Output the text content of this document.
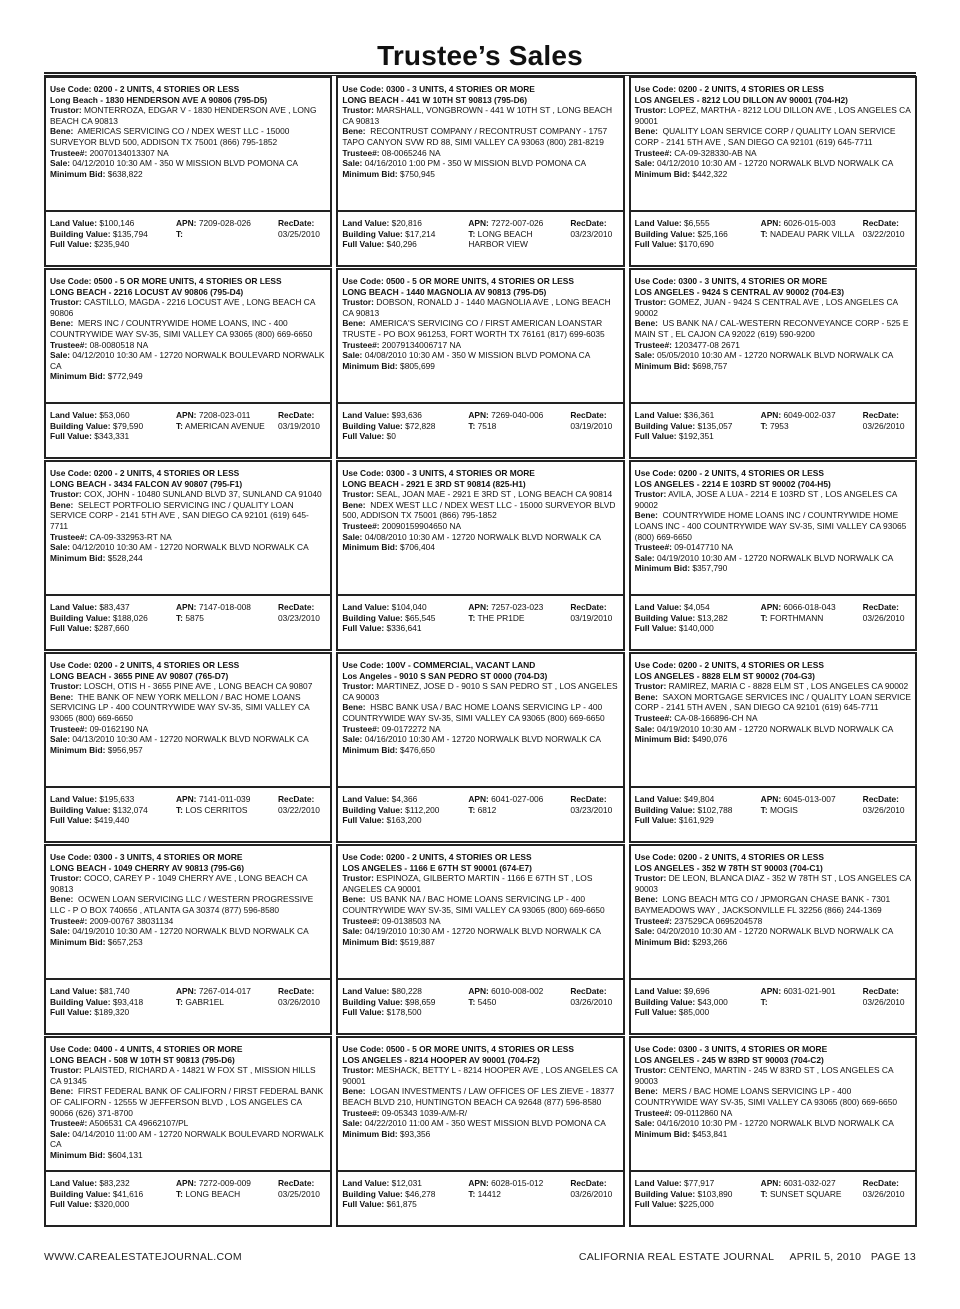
Trustee’s Sales
Use Code: 0200 - 2 UNITS, 4 STORIES OR LESS
Long Beach - 1830 HENDERSON AVE A 90806 (795-D5)
Trustor: MONTERROZA, EDGAR V - 1830 HENDERSON AVE , LONG BEACH CA 90813
Bene: AMERICAS SERVICING CO / NDEX WEST LLC - 15000 SURVEYOR BLVD 500, ADDISON TX 75001 (866) 795-1852
Trustee#: 20070134013307 NA
Sale: 04/12/2010 10:30 AM - 350 W MISSION BLVD POMONA CA
Minimum Bid: $638,822
Land Value: $100,146
Building Value: $135,794
Full Value: $235,940
APN: 7209-028-026
T:
RecDate:
03/25/2010
Use Code: 0300 - 3 UNITS, 4 STORIES OR MORE
LONG BEACH - 441 W 10TH ST 90813 (795-D6)
Trustor: MARSHALL, VONGBROWN - 441 W 10TH ST , LONG BEACH CA 90813
Bene: RECONTRUST COMPANY / RECONTRUST COMPANY - 1757 TAPO CANYON SVW RD 88, SIMI VALLEY CA 93063 (800) 281-8219
Trustee#: 08-0065246 NA
Sale: 04/16/2010 1:00 PM - 350 W MISSION BLVD POMONA CA
Minimum Bid: $750,945
Land Value: $20,816
Building Value: $17,214
Full Value: $40,296
APN: 7272-007-026
T: LONG BEACH HARBOR VIEW
RecDate:
03/23/2010
Use Code: 0200 - 2 UNITS, 4 STORIES OR LESS
LOS ANGELES - 8212 LOU DILLON AV 90001 (704-H2)
Trustor: LOPEZ, MARTHA - 8212 LOU DILLON AVE , LOS ANGELES CA 90001
Bene: QUALITY LOAN SERVICE CORP / QUALITY LOAN SERVICE CORP - 2141 5TH AVE , SAN DIEGO CA 92101 (619) 645-7711
Trustee#: CA-09-328330-AB NA
Sale: 04/12/2010 10:30 AM - 12720 NORWALK BLVD NORWALK CA
Minimum Bid: $442,322
Land Value: $6,555
Building Value: $25,166
Full Value: $170,690
APN: 6026-015-003
T: NADEAU PARK VILLA
RecDate:
03/22/2010
Use Code: 0500 - 5 OR MORE UNITS, 4 STORIES OR LESS
LONG BEACH - 2216 LOCUST AV 90806 (795-D4)
Trustor: CASTILLO, MAGDA - 2216 LOCUST AVE , LONG BEACH CA 90806
Bene: MERS INC / COUNTRYWIDE HOME LOANS, INC - 400 COUNTRYWIDE WAY SV-35, SIMI VALLEY CA 93065 (800) 669-6650
Trustee#: 08-0080518 NA
Sale: 04/12/2010 10:30 AM - 12720 NORWALK BOULEVARD NORWALK CA
Minimum Bid: $772,949
Land Value: $53,060
Building Value: $79,590
Full Value: $343,331
APN: 7208-023-011
T: AMERICAN AVENUE
RecDate:
03/19/2010
Use Code: 0500 - 5 OR MORE UNITS, 4 STORIES OR LESS
LONG BEACH - 1440 MAGNOLIA AV 90813 (795-D5)
Trustor: DOBSON, RONALD J - 1440 MAGNOLIA AVE , LONG BEACH CA 90813
Bene: AMERICA'S SERVICING CO / FIRST AMERICAN LOANSTAR TRUSTE - PO BOX 961253, FORT WORTH TX 76161 (817) 699-6035
Trustee#: 20079134006717 NA
Sale: 04/08/2010 10:30 AM - 350 W MISSION BLVD POMONA CA
Minimum Bid: $805,699
Land Value: $93,636
Building Value: $72,828
Full Value: $0
APN: 7269-040-006
T: 7518
RecDate:
03/19/2010
Use Code: 0300 - 3 UNITS, 4 STORIES OR MORE
LOS ANGELES - 9424 S CENTRAL AV 90002 (704-E3)
Trustor: GOMEZ, JUAN - 9424 S CENTRAL AVE , LOS ANGELES CA 90002
Bene: US BANK NA / CAL-WESTERN RECONVEYANCE CORP - 525 E MAIN ST , EL CAJON CA 92022 (619) 590-9200
Trustee#: 1203477-08 2671
Sale: 05/05/2010 10:30 AM - 12720 NORWALK BLVD NORWALK CA
Minimum Bid: $698,757
Land Value: $36,361
Building Value: $135,057
Full Value: $192,351
APN: 6049-002-037
T: 7953
RecDate:
03/26/2010
Use Code: 0200 - 2 UNITS, 4 STORIES OR LESS
LONG BEACH - 3434 FALCON AV 90807 (795-F1)
Trustor: COX, JOHN - 10480 SUNLAND BLVD 37, SUNLAND CA 91040
Bene: SELECT PORTFOLIO SERVICING INC / QUALITY LOAN SERVICE CORP - 2141 5TH AVE , SAN DIEGO CA 92101 (619) 645-7711
Trustee#: CA-09-332953-RT NA
Sale: 04/12/2010 10:30 AM - 12720 NORWALK BLVD NORWALK CA
Minimum Bid: $528,244
Land Value: $83,437
Building Value: $188,026
Full Value: $287,660
APN: 7147-018-008
T: 5875
RecDate:
03/23/2010
Use Code: 0300 - 3 UNITS, 4 STORIES OR MORE
LONG BEACH - 2921 E 3RD ST 90814 (825-H1)
Trustor: SEAL, JOAN MAE - 2921 E 3RD ST , LONG BEACH CA 90814
Bene: NDEX WEST LLC / NDEX WEST LLC - 15000 SURVEYOR BLVD 500, ADDISON TX 75001 (866) 795-1852
Trustee#: 20090159904650 NA
Sale: 04/08/2010 10:30 AM - 12720 NORWALK BLVD NORWALK CA
Minimum Bid: $706,404
Land Value: $104,040
Building Value: $65,545
Full Value: $336,641
APN: 7257-023-023
T: THE PR1DE
RecDate:
03/19/2010
Use Code: 0200 - 2 UNITS, 4 STORIES OR LESS
LOS ANGELES - 2214 E 103RD ST 90002 (704-H5)
Trustor: AVILA, JOSE A LUA - 2214 E 103RD ST , LOS ANGELES CA 90002
Bene: COUNTRYWIDE HOME LOANS INC / COUNTRYWIDE HOME LOANS INC - 400 COUNTRYWIDE WAY SV-35, SIMI VALLEY CA 93065 (800) 669-6650
Trustee#: 09-0147710 NA
Sale: 04/19/2010 10:30 AM - 12720 NORWALK BLVD NORWALK CA
Minimum Bid: $357,790
Land Value: $4,054
Building Value: $13,282
Full Value: $140,000
APN: 6066-018-043
T: FORTHMANN
RecDate:
03/26/2010
Use Code: 0200 - 2 UNITS, 4 STORIES OR LESS
LONG BEACH - 3655 PINE AV 90807 (765-D7)
Trustor: LOSCH, OTIS H - 3655 PINE AVE , LONG BEACH CA 90807
Bene: THE BANK OF NEW YORK MELLON / BAC HOME LOANS SERVICING LP - 400 COUNTRYWIDE WAY SV-35, SIMI VALLEY CA 93065 (800) 669-6650
Trustee#: 09-0162190 NA
Sale: 04/13/2010 10:30 AM - 12720 NORWALK BLVD NORWALK CA
Minimum Bid: $956,957
Land Value: $195,633
Building Value: $132,074
Full Value: $419,440
APN: 7141-011-039
T: LOS CERRITOS
RecDate:
03/22/2010
Use Code: 100V - COMMERCIAL, VACANT LAND
Los Angeles - 9010 S SAN PEDRO ST 0000 (704-D3)
Trustor: MARTINEZ, JOSE D - 9010 S SAN PEDRO ST , LOS ANGELES CA 90003
Bene: HSBC BANK USA / BAC HOME LOANS SERVICING LP - 400 COUNTRYWIDE WAY SV-35, SIMI VALLEY CA 93065 (800) 669-6650
Trustee#: 09-0172272 NA
Sale: 04/16/2010 10:30 AM - 12720 NORWALK BLVD NORWALK CA
Minimum Bid: $476,650
Land Value: $4,366
Building Value: $112,200
Full Value: $163,200
APN: 6041-027-006
T: 6812
RecDate:
03/23/2010
Use Code: 0200 - 2 UNITS, 4 STORIES OR LESS
LOS ANGELES - 8828 ELM ST 90002 (704-G3)
Trustor: RAMIREZ, MARIA C - 8828 ELM ST , LOS ANGELES CA 90002
Bene: SAXON MORTGAGE SERVICES INC / QUALITY LOAN SERVICE CORP - 2141 5TH AVEN , SAN DIEGO CA 92101 (619) 645-7711
Trustee#: CA-08-166896-CH NA
Sale: 04/19/2010 10:30 AM - 12720 NORWALK BLVD NORWALK CA
Minimum Bid: $490,076
Land Value: $49,804
Building Value: $102,788
Full Value: $161,929
APN: 6045-013-007
T: MOGIS
RecDate:
03/26/2010
Use Code: 0300 - 3 UNITS, 4 STORIES OR MORE
LONG BEACH - 1049 CHERRY AV 90813 (795-G6)
Trustor: COCO, CAREY P - 1049 CHERRY AVE , LONG BEACH CA 90813
Bene: OCWEN LOAN SERVICING LLC / WESTERN PROGRESSIVE LLC - P O BOX 740656 , ATLANTA GA 30374 (877) 596-8580
Trustee#: 2009-00767 38031134
Sale: 04/19/2010 10:30 AM - 12720 NORWALK BLVD NORWALK CA
Minimum Bid: $657,253
Land Value: $81,740
Building Value: $93,418
Full Value: $189,320
APN: 7267-014-017
T: GABR1EL
RecDate:
03/26/2010
Use Code: 0200 - 2 UNITS, 4 STORIES OR LESS
LOS ANGELES - 1166 E 67TH ST 90001 (674-E7)
Trustor: ESPINOZA, GILBERTO MARTIN - 1166 E 67TH ST , LOS ANGELES CA 90001
Bene: US BANK NA / BAC HOME LOANS SERVICING LP - 400 COUNTRYWIDE WAY SV-35, SIMI VALLEY CA 93065 (800) 669-6650
Trustee#: 09-0138503 NA
Sale: 04/19/2010 10:30 AM - 12720 NORWALK BLVD NORWALK CA
Minimum Bid: $519,887
Land Value: $80,228
Building Value: $98,659
Full Value: $178,500
APN: 6010-008-002
T: 5450
RecDate:
03/26/2010
Use Code: 0200 - 2 UNITS, 4 STORIES OR LESS
LOS ANGELES - 352 W 78TH ST 90003 (704-C1)
Trustor: DE LEON, BLANCA DIAZ - 352 W 78TH ST , LOS ANGELES CA 90003
Bene: LONG BEACH MTG CO / JPMORGAN CHASE BANK - 7301 BAYMEADOWS WAY , JACKSONVILLE FL 32256 (866) 244-1369
Trustee#: 237529CA 0695204578
Sale: 04/20/2010 10:30 AM - 12720 NORWALK BLVD NORWALK CA
Minimum Bid: $293,266
Land Value: $9,696
Building Value: $43,000
Full Value: $85,000
APN: 6031-021-901
T:
RecDate:
03/26/2010
Use Code: 0400 - 4 UNITS, 4 STORIES OR MORE
LONG BEACH - 508 W 10TH ST 90813 (795-D6)
Trustor: PLAISTED, RICHARD A - 14821 W FOX ST , MISSION HILLS CA 91345
Bene: FIRST FEDERAL BANK OF CALIFORN / FIRST FEDERAL BANK OF CALIFORN - 12555 W JEFFERSON BLVD , LOS ANGELES CA 90066 (626) 371-8700
Trustee#: A506531 CA 49662107/PL
Sale: 04/14/2010 11:00 AM - 12720 NORWALK BOULEVARD NORWALK CA
Minimum Bid: $604,131
Land Value: $83,232
Building Value: $41,616
Full Value: $320,000
APN: 7272-009-009
T: LONG BEACH
RecDate:
03/25/2010
Use Code: 0500 - 5 OR MORE UNITS, 4 STORIES OR LESS
LOS ANGELES - 8214 HOOPER AV 90001 (704-F2)
Trustor: MESHACK, BETTY L - 8214 HOOPER AVE , LOS ANGELES CA 90001
Bene: LOGAN INVESTMENTS / LAW OFFICES OF LES ZIEVE - 18377 BEACH BLVD 210, HUNTINGTON BEACH CA 92648 (877) 596-8580
Trustee#: 09-05343 1039-A/M-R/
Sale: 04/22/2010 11:00 AM - 350 WEST MISSION BLVD POMONA CA
Minimum Bid: $93,356
Land Value: $12,031
Building Value: $46,278
Full Value: $61,875
APN: 6028-015-012
T: 14412
RecDate:
03/26/2010
Use Code: 0300 - 3 UNITS, 4 STORIES OR MORE
LOS ANGELES - 245 W 83RD ST 90003 (704-C2)
Trustor: CENTENO, MARTIN - 245 W 83RD ST , LOS ANGELES CA 90003
Bene: MERS / BAC HOME LOANS SERVICING LP - 400 COUNTRYWIDE WAY SV-35, SIMI VALLEY CA 93065 (800) 669-6650
Trustee#: 09-0112860 NA
Sale: 04/16/2010 10:30 PM - 12720 NORWALK BLVD NORWALK CA
Minimum Bid: $453,841
Land Value: $77,917
Building Value: $103,890
Full Value: $225,000
APN: 6031-032-027
T: SUNSET SQUARE
RecDate:
03/26/2010
WWW.CAREALESTATEJOURNAL.COM	CALIFORNIA REAL ESTATE JOURNAL     APRIL 5, 2010   PAGE 13
